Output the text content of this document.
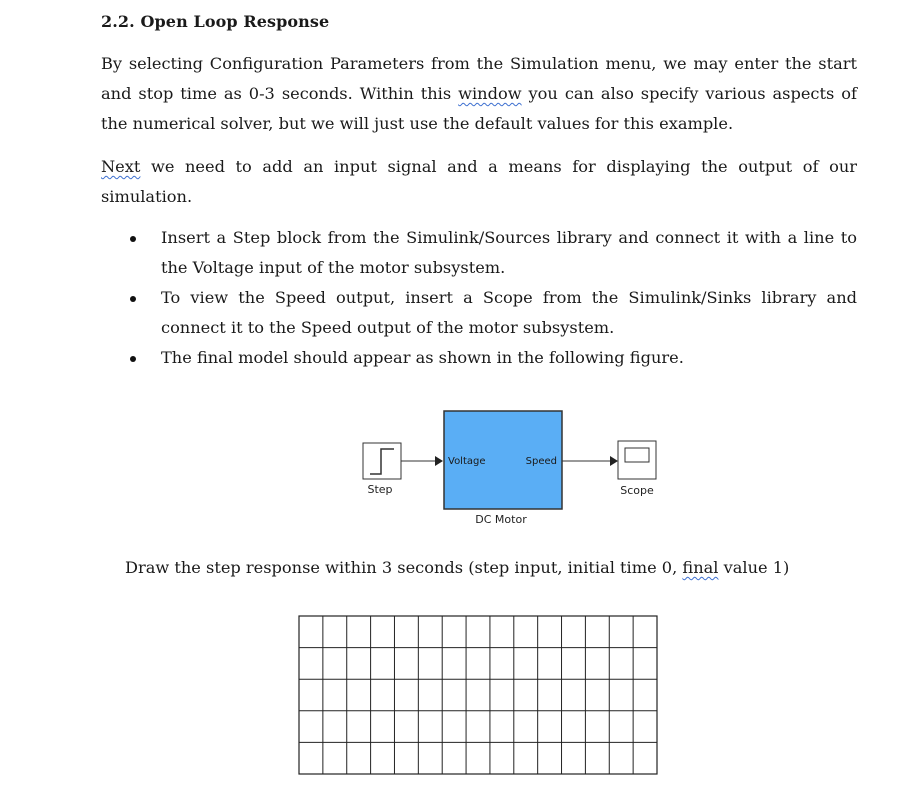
2.2. Open Loop Response
By selecting Configuration Parameters from the Simulation menu, we may enter the start and stop time as 0-3 seconds. Within this window you can also specify various aspects of the numerical solver, but we will just use the default values for this example.
Next we need to add an input signal and a means for displaying the output of our simulation.
Insert a Step block from the Simulink/Sources library and connect it with a line to the Voltage input of the motor subsystem.
To view the Speed output, insert a Scope from the Simulink/Sinks library and connect it to the Speed output of the motor subsystem.
The final model should appear as shown in the following figure.
Step
Voltage	Speed
DC Motor
Scope
Draw the step response within 3 seconds (step input, initial time 0, final value 1)
